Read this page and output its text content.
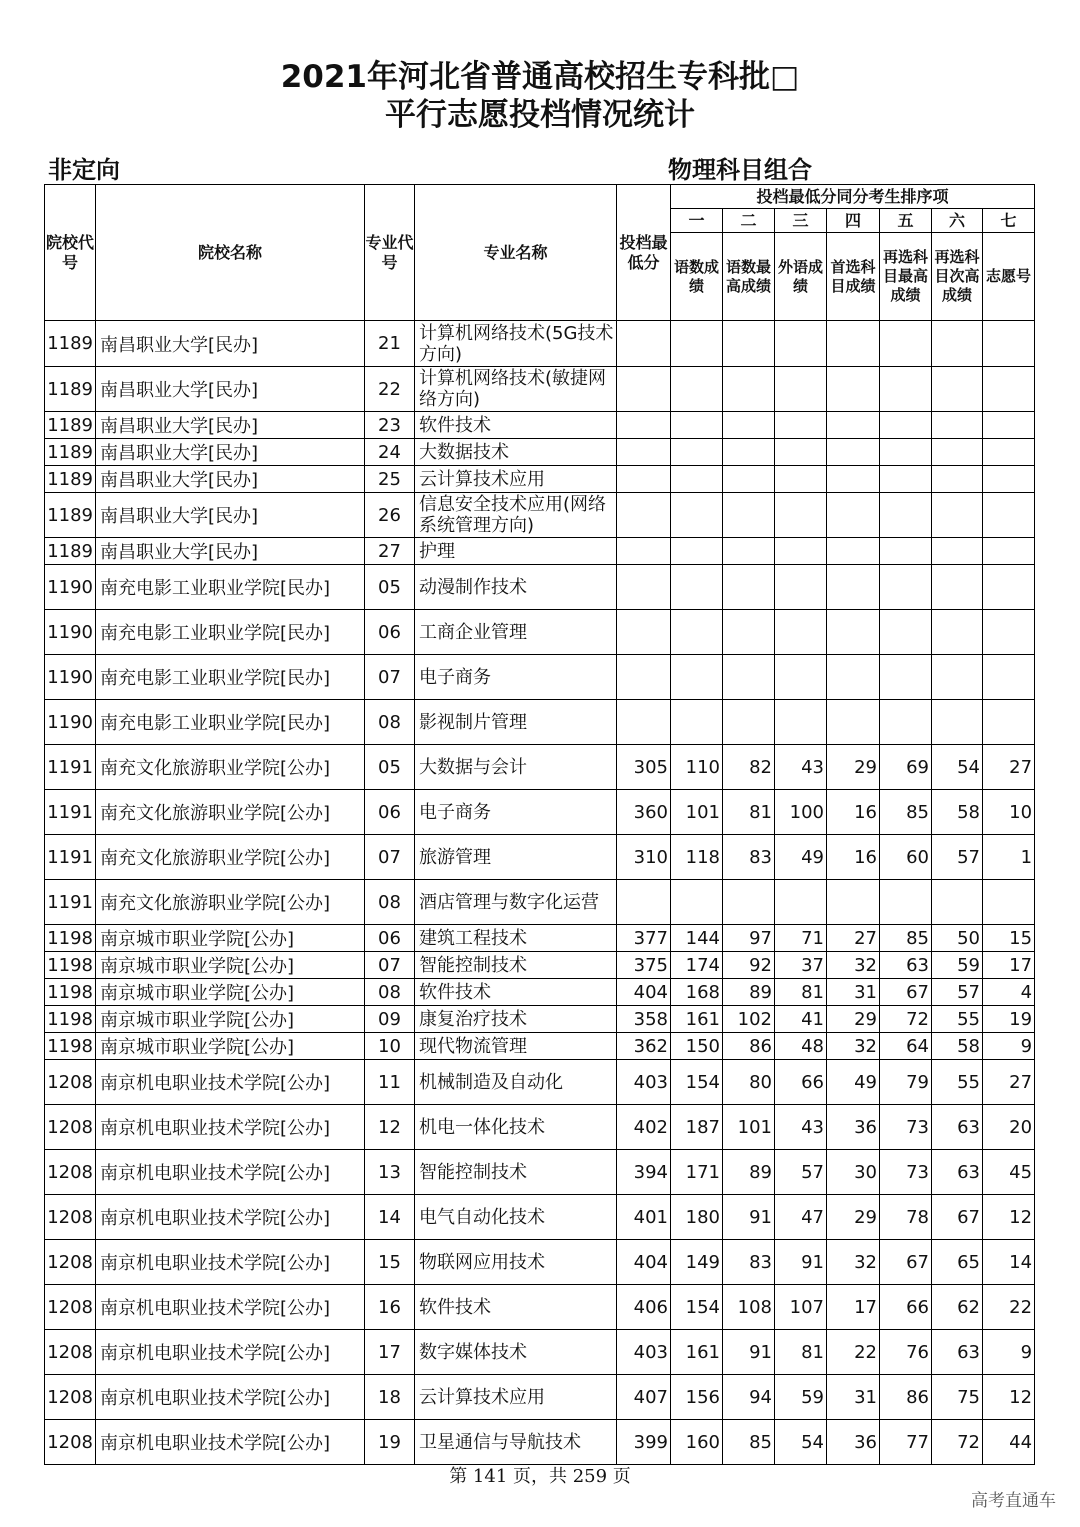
2021年河北省普通高校招生专科批□
平行志愿投档情况统计
非定向	物理科目组合
院校代号	院校名称	专业代号	专业名称	投档最低分	投档最低分同分考生排序项						
					一	二	三	四	五	六	七
					语数成绩	语数最高成绩	外语成绩	首选科目成绩	再选科目最高成绩	再选科目次高成绩	志愿号
1189	南昌职业大学[民办]	21	计算机网络技术(5G技术方向)								
1189	南昌职业大学[民办]	22	计算机网络技术(敏捷网络方向)								
1189	南昌职业大学[民办]	23	软件技术								
1189	南昌职业大学[民办]	24	大数据技术								
1189	南昌职业大学[民办]	25	云计算技术应用								
1189	南昌职业大学[民办]	26	信息安全技术应用(网络系统管理方向)								
1189	南昌职业大学[民办]	27	护理								
1190	南充电影工业职业学院[民办]	05	动漫制作技术								
1190	南充电影工业职业学院[民办]	06	工商企业管理								
1190	南充电影工业职业学院[民办]	07	电子商务								
1190	南充电影工业职业学院[民办]	08	影视制片管理								
1191	南充文化旅游职业学院[公办]	05	大数据与会计	305	110	82	43	29	69	54	27
1191	南充文化旅游职业学院[公办]	06	电子商务	360	101	81	100	16	85	58	10
1191	南充文化旅游职业学院[公办]	07	旅游管理	310	118	83	49	16	60	57	1
1191	南充文化旅游职业学院[公办]	08	酒店管理与数字化运营								
1198	南京城市职业学院[公办]	06	建筑工程技术	377	144	97	71	27	85	50	15
1198	南京城市职业学院[公办]	07	智能控制技术	375	174	92	37	32	63	59	17
1198	南京城市职业学院[公办]	08	软件技术	404	168	89	81	31	67	57	4
1198	南京城市职业学院[公办]	09	康复治疗技术	358	161	102	41	29	72	55	19
1198	南京城市职业学院[公办]	10	现代物流管理	362	150	86	48	32	64	58	9
1208	南京机电职业技术学院[公办]	11	机械制造及自动化	403	154	80	66	49	79	55	27
1208	南京机电职业技术学院[公办]	12	机电一体化技术	402	187	101	43	36	73	63	20
1208	南京机电职业技术学院[公办]	13	智能控制技术	394	171	89	57	30	73	63	45
1208	南京机电职业技术学院[公办]	14	电气自动化技术	401	180	91	47	29	78	67	12
1208	南京机电职业技术学院[公办]	15	物联网应用技术	404	149	83	91	32	67	65	14
1208	南京机电职业技术学院[公办]	16	软件技术	406	154	108	107	17	66	62	22
1208	南京机电职业技术学院[公办]	17	数字媒体技术	403	161	91	81	22	76	63	9
1208	南京机电职业技术学院[公办]	18	云计算技术应用	407	156	94	59	31	86	75	12
1208	南京机电职业技术学院[公办]	19	卫星通信与导航技术	399	160	85	54	36	77	72	44
第 141 页，共 259 页
高考直通车
